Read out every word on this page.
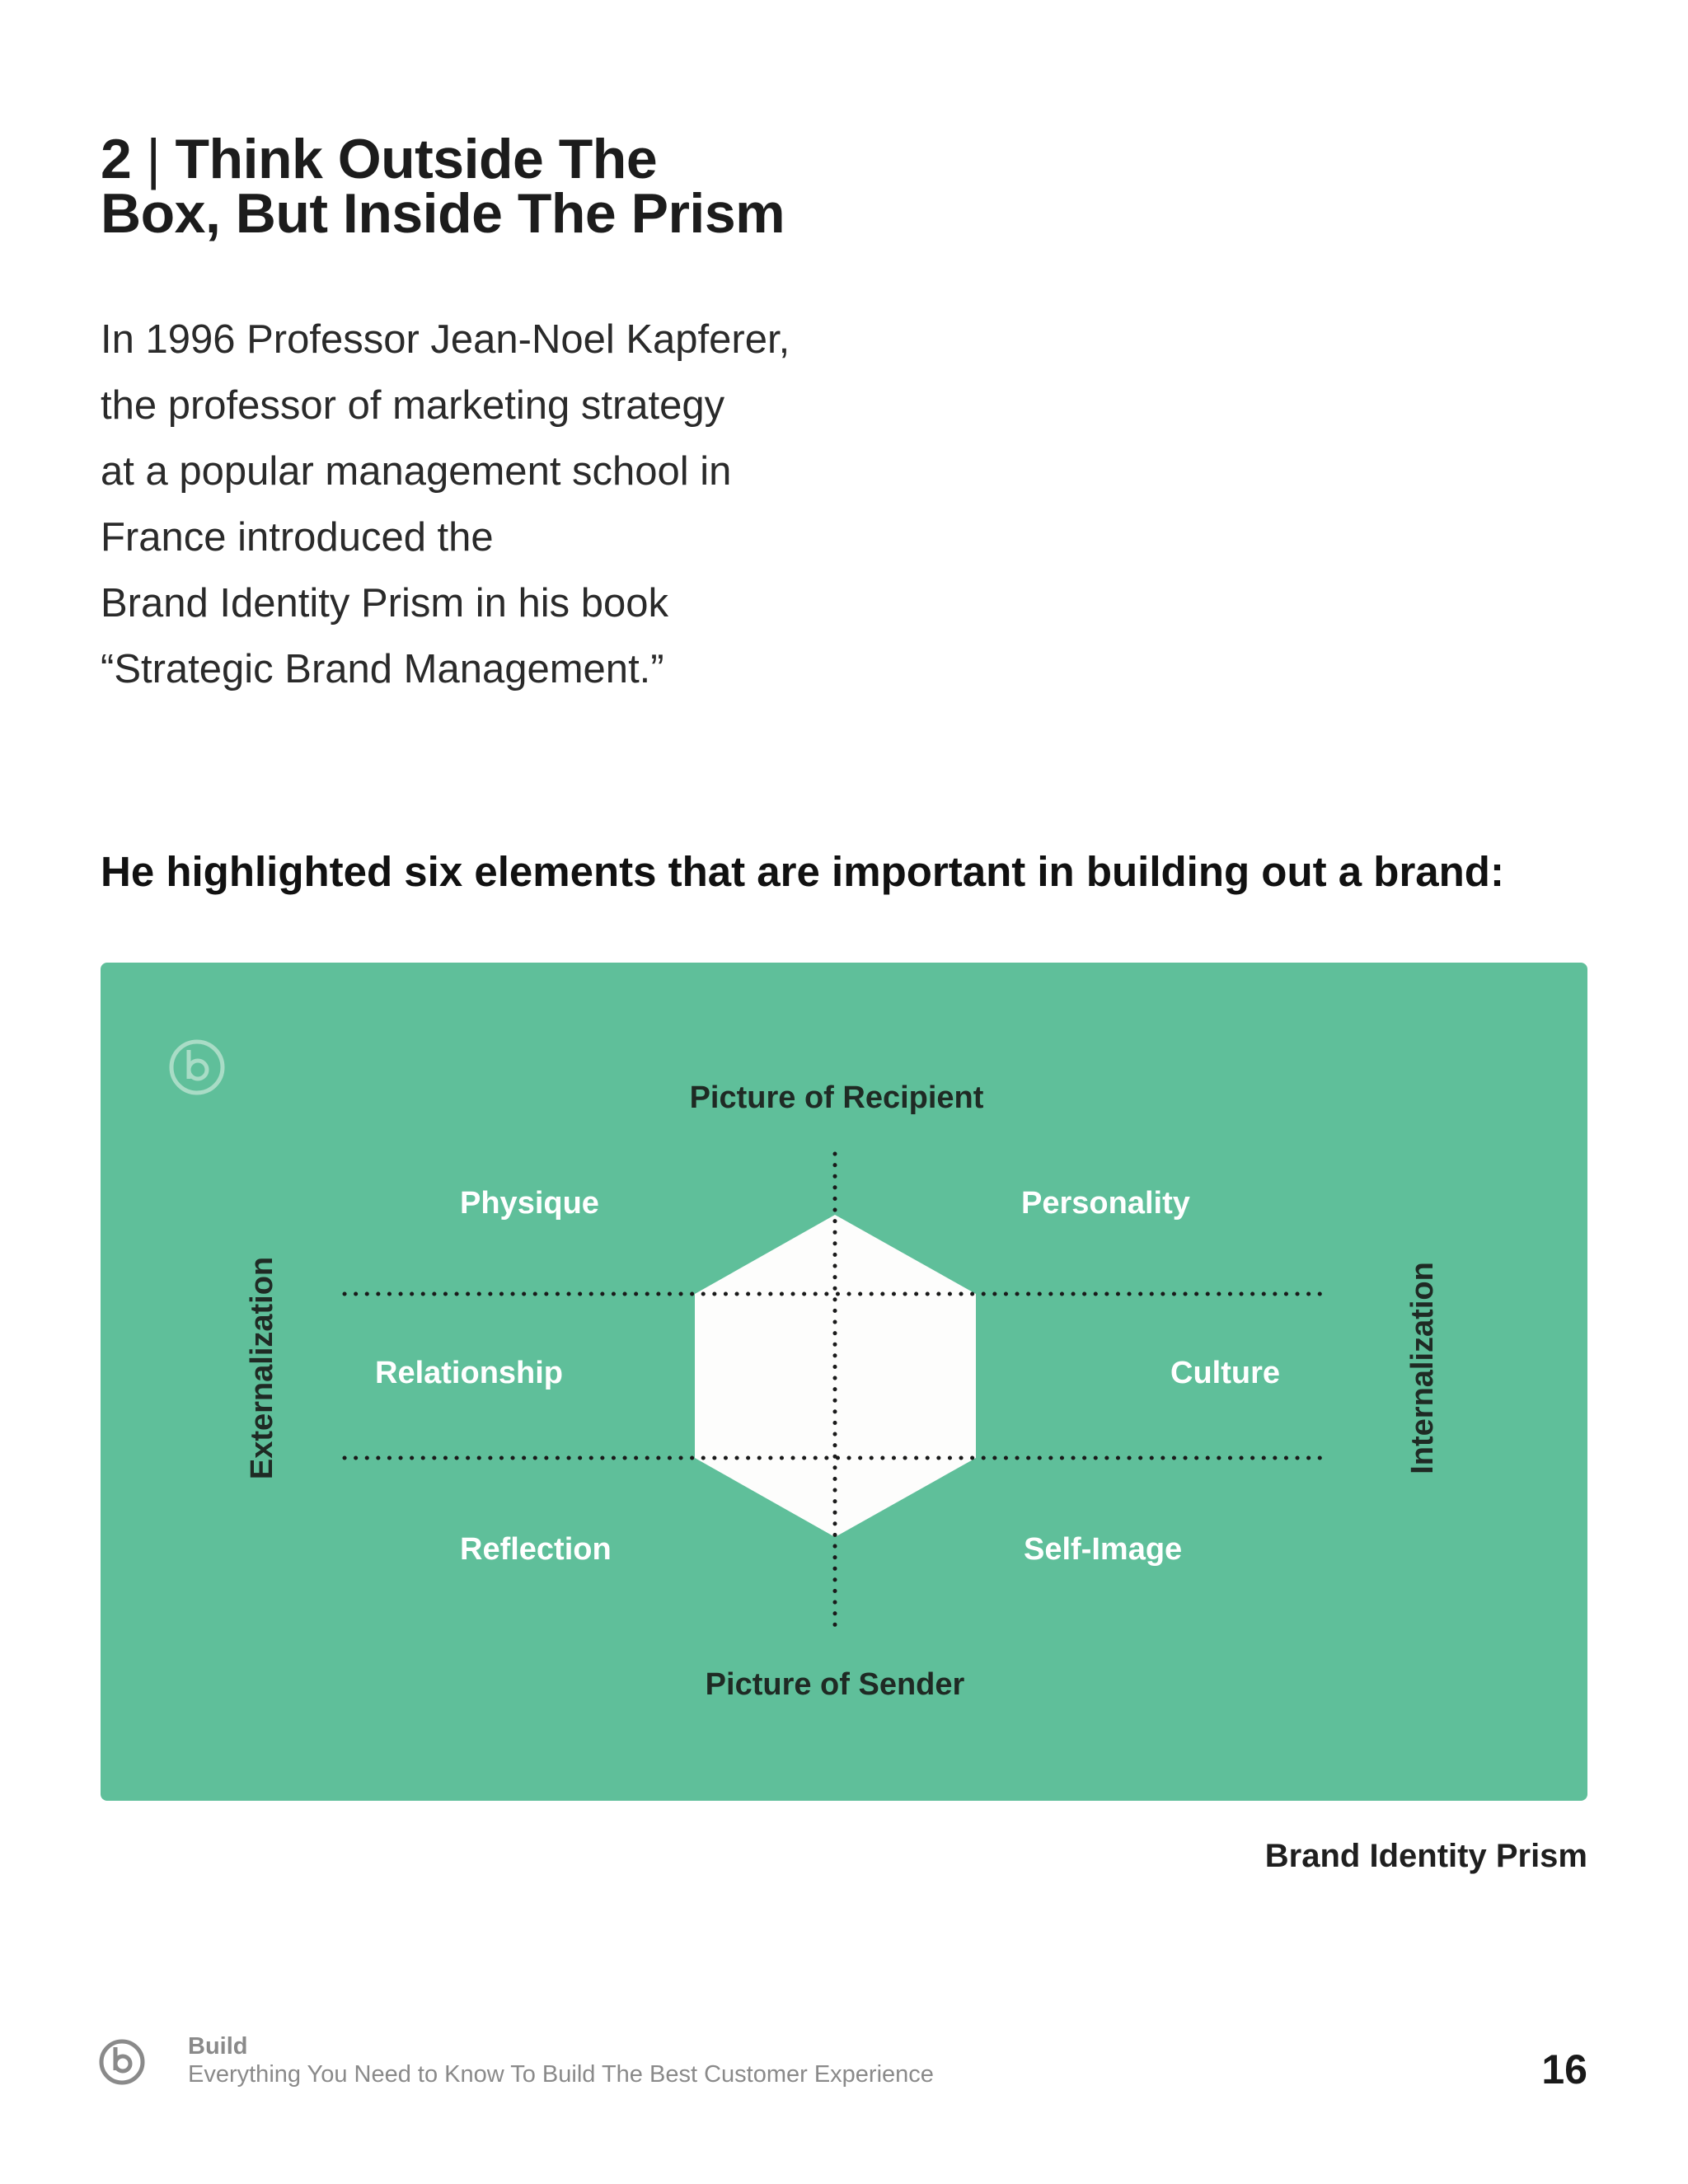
2 | Think Outside The
Box, But Inside The Prism
In 1996 Professor Jean-Noel Kapferer,
the professor of marketing strategy
at a popular management school in
France introduced the
Brand Identity Prism in his book
“Strategic Brand Management.”
He highlighted six elements that are important in building out a brand:
Picture of Recipient
Picture of Sender
Externalization	Internalization
Physique	Personality
Relationship	Culture
Reflection	Self-Image
Brand Identity Prism
Build
Everything You Need to Know To Build The Best Customer Experience	16
